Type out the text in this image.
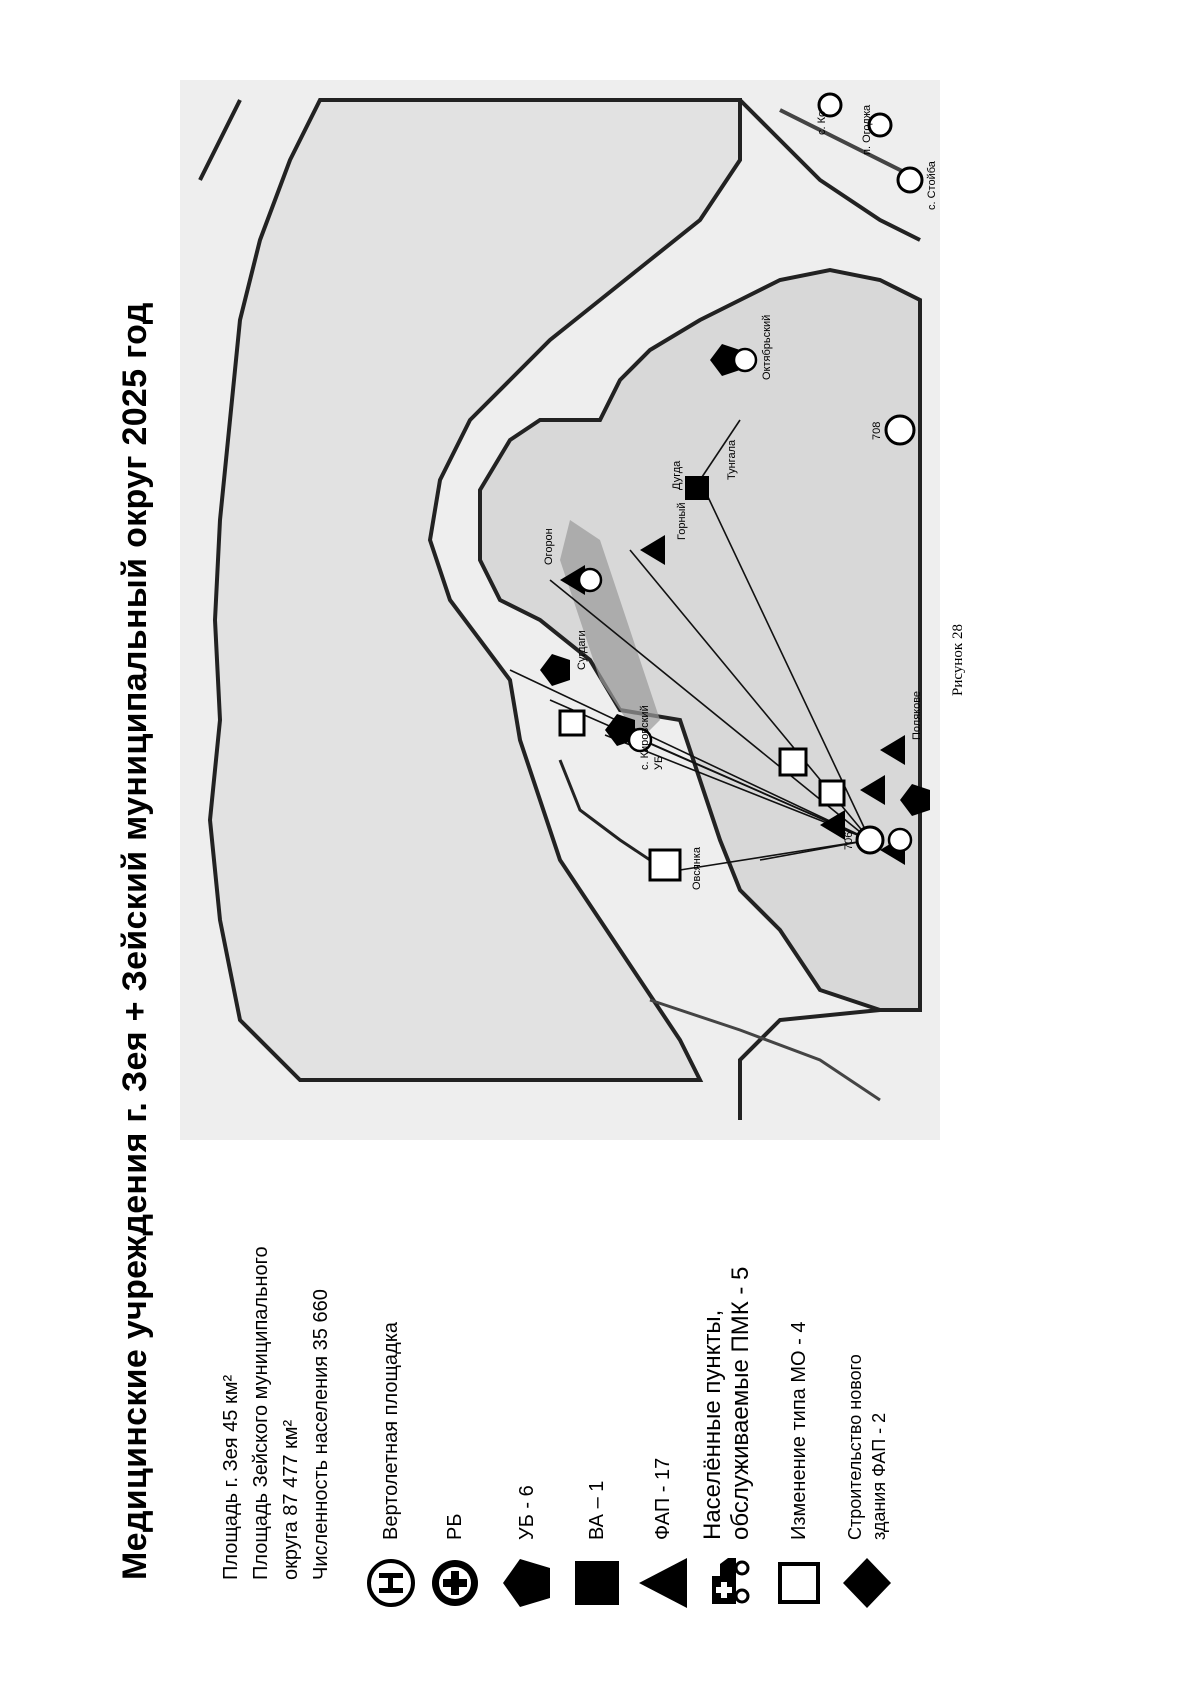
Медицинские учреждения г. Зея + Зейский муниципальный округ 2025 год	Площадь г. Зея 45 км² Площадь Зейского муниципального округа 87 477 км² Численность населения 35 660	Вертолетная площадка	РБ	УБ - 6	ВА – 1	ФАП - 17	Населённые пункты, обслуживаемые ПМК - 5	Изменение типа МО - 4	Строительство нового здания ФАП - 2
706
708
с. Кировский УБ
Тунгала
Огорон
Дугда
Овсянка
Полякове
Октябрьский
Горный
Сугдаги
с. Стойба
п. Огоджа
с. Ко
Рисунок 28
